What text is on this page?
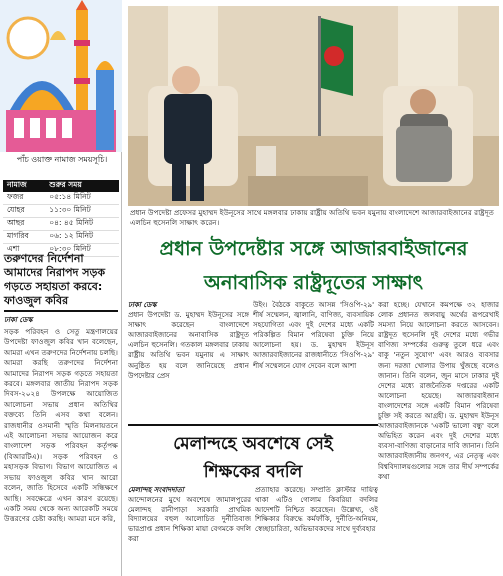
পাঁচ ওয়াক্ত নামাজ সময়সূচি।
নামাজ	শুরুর সময়
ফজর	০৫:১৪ মিনিট
যোহর	১১:৩০ মিনিট
আছর	০৪: ৪৫ মিনিট
মাগরিব	০৬: ১২ মিনিট
এশা	০৮:৩০ মিনিট
তরুণদের নির্দেশনা আমাদের নিরাপদ সড়ক গড়তে সহায়তা করবে: ফাওজুল কবির
ঢাকা ডেস্ক
সড়ক পরিবহন ও সেতু মন্ত্রণালয়ের উপদেষ্টা ফাওজুল কবির খান বলেছেন, আমরা এখন তরুণদের নির্দেশনায় চলছি। আমরা করছি তরুণদের নির্দেশনা আমাদের নিরাপদ সড়ক গড়তে সহায়তা করবে। মঙ্গলবার জাতীয় নিরাপদ সড়ক দিবস-২০২৪ উপলক্ষে আয়োজিত আলোচনা সভায় প্রধান অতিথির বক্তব্যে তিনি এসব কথা বলেন। রাজধানীর ওসমানী স্মৃতি মিলনায়তনে এই আলোচনা সভার আয়োজন করে বাংলাদেশ সড়ক পরিবহন কর্তৃপক্ষ (বিআরটিএ)। সড়ক পরিবহন ও মহাসড়ক বিভাগ। বিভাগ আয়োজিত এ সভায় ফাওজুল কবির খান আরো বলেন, জাতি হিসেবে একটি সন্ধিক্ষণে আছি। সবক্ষেত্রে এখন কারণ রয়েছে। একটি সময় থেকে অন্য আরেকটি সময়ে উত্তরণের চেষ্টা করছি। আমরা মনে করি,
প্রধান উপদেষ্টা প্রফেসর মুহাম্মদ ইউনূসের সাথে মঙ্গলবার ঢাকায় রাষ্ট্রীয় অতিথি ভবন যমুনায় বাংলাদেশে আজারবাইজানের রাষ্ট্রদূত এলচিন হুসেনলি সাক্ষাৎ করেন।
প্রধান উপদেষ্টার সঙ্গে আজারবাইজানের
অনাবাসিক রাষ্ট্রদূতের সাক্ষাৎ
ঢাকা ডেস্ক
প্রধান উপদেষ্টা ড. মুহাম্মদ ইউনূসের সঙ্গে সাক্ষাৎ করেছেন বাংলাদেশে আজারবাইজানের অনাবাসিক রাষ্ট্রদূত এলচিন হুসেনলি। গতকাল মঙ্গলবার ঢাকায় রাষ্ট্রীয় অতিথি ভবন যমুনায় এ সাক্ষাৎ অনুষ্ঠিত হয় বলে জানিয়েছে প্রধান উপদেষ্টার প্রেস
উইং। বৈঠকে বাকুতে আসন্ন 'সিওপি-২৯' শীর্ষ সম্মেলন, জ্বালানি, বাণিজ্য, ব্যবসায়িক সহযোগিতা এবং দুই দেশের মধ্যে একটি পরিকল্পিত বিমান পরিষেবা চুক্তি নিয়ে আলোচনা হয়। ড. মুহাম্মদ ইউনূস আজারবাইজানের রাজধানীতে 'সিওপি-২৯' শীর্ষ সম্মেলনে যোগ দেবেন বলে আশা
করা হচ্ছে। যেখানে কমপক্ষে ৩২ হাজার লোক প্রধানত জলবায়ু অর্থের রূপরেখাই সমস্যা নিয়ে আলোচনা করতে আসবেন। রাষ্ট্রদূত হুসেনলি দুই দেশের মধ্যে গভীর বাণিজ্য সম্পর্কের গুরুত্ব তুলে ধরে এবং বাকু 'নতুন সুযোগ' এবং আরও ব্যবসার জন্য দরজা খোলার উপায় খুঁজছে বলেও জানান। তিনি বলেন, জুন মাসে ঢাকার দুই দেশের মধ্যে রাজনৈতিক দপ্তরের একটি আলোচনা হয়েছে। আজারবাইজান বাংলাদেশের সঙ্গে একটি বিমান পরিষেবা চুক্তি সই করতে আগ্রহী। ড. মুহাম্মদ ইউনূস আজারবাইজানকে 'একটি ভালো বন্ধু' বলে অভিহিত করেন এবং দুই দেশের মধ্যে ব্যবসা-বাণিজ্য বাড়ানোর দাবি জানান। তিনি আজারবাইজানীয় জনগণ, এর নেতৃত্ব এবং বিশ্ববিদ্যালয়গুলোর সঙ্গে তার দীর্ঘ সম্পর্কের কথা
মেলান্দহে অবশেষে সেই
শিক্ষকের বদলি
মেলান্দহ সংবাদদাতা
আন্দোলনের মুখে অবশেষে জামালপুরের মেলান্দহ রানীপাড়া সরকারি প্রাথমিক বিদ্যালয়ের বহুল আলোচিত দুর্নীতিবাজ ভারপ্রাপ্ত প্রধান শিক্ষিকা মায়া বেগমকে বদলি করা
প্রত্যাহার করেছে। সম্প্রতি ক্লাস্টার দায়িত্ব থাকা এটিও গোলাম কিবরিয়া বদলির আদেশটি নিশ্চিত করেছেন। উল্লেখ্য, ওই শিক্ষিকার বিরুদ্ধে কর্মফাঁকি, দুর্নীতি-অনিয়ম, স্বেচ্ছাচারিতা, অভিভাবকদের সাথে দুর্ব্যবহার
